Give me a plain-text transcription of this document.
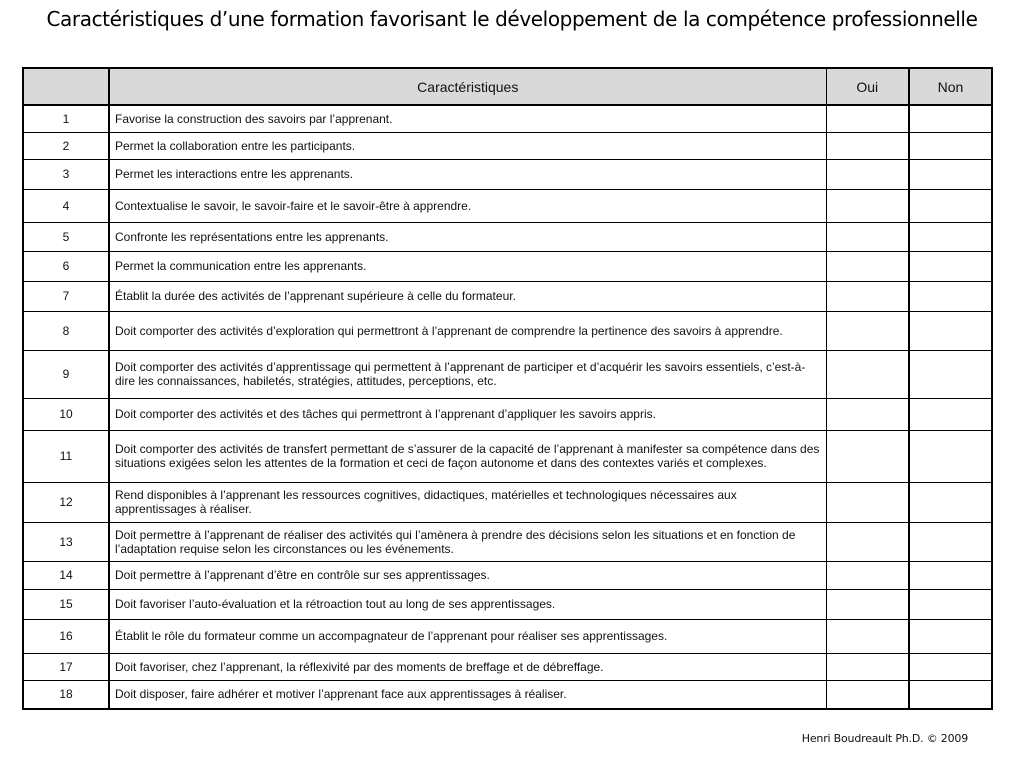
Caractéristiques d’une formation favorisant le développement de la compétence professionnelle
	Caractéristiques	Oui	Non
1	Favorise la construction des savoirs par l’apprenant.		
2	Permet la collaboration entre les participants.		
3	Permet les interactions entre les apprenants.		
4	Contextualise le savoir, le savoir-faire et le savoir-être à apprendre.		
5	Confronte les représentations entre les apprenants.		
6	Permet la communication entre les apprenants.		
7	Établit la durée des activités de l’apprenant supérieure à celle du formateur.		
8	Doit comporter des activités d’exploration qui permettront à l’apprenant de comprendre la pertinence des savoirs à apprendre.		
9	Doit comporter des activités d’apprentissage qui permettent à l’apprenant de participer et d’acquérir les savoirs essentiels, c’est-à-dire les connaissances, habiletés, stratégies, attitudes, perceptions, etc.		
10	Doit comporter des activités et des tâches qui permettront à l’apprenant d’appliquer les savoirs appris.		
11	Doit comporter des activités de transfert permettant de s’assurer de la capacité de l’apprenant à manifester sa compétence dans des situations exigées selon les attentes de la formation et ceci de façon autonome et dans des contextes variés et complexes.		
12	Rend disponibles à l’apprenant les ressources cognitives, didactiques, matérielles et technologiques nécessaires aux apprentissages à réaliser.		
13	Doit permettre à l’apprenant de réaliser des activités qui l’amènera à prendre des décisions selon les situations et en fonction de l’adaptation requise selon les circonstances ou les événements.		
14	Doit permettre à l’apprenant d’être en contrôle sur ses apprentissages.		
15	Doit favoriser l’auto-évaluation et la rétroaction tout au long de ses apprentissages.		
16	Établit le rôle du formateur comme un accompagnateur de l’apprenant pour réaliser ses apprentissages.		
17	Doit favoriser, chez l’apprenant, la réflexivité par des moments de breffage et de débreffage.		
18	Doit disposer, faire adhérer et motiver l’apprenant face aux apprentissages à réaliser.		
Henri Boudreault Ph.D. © 2009
